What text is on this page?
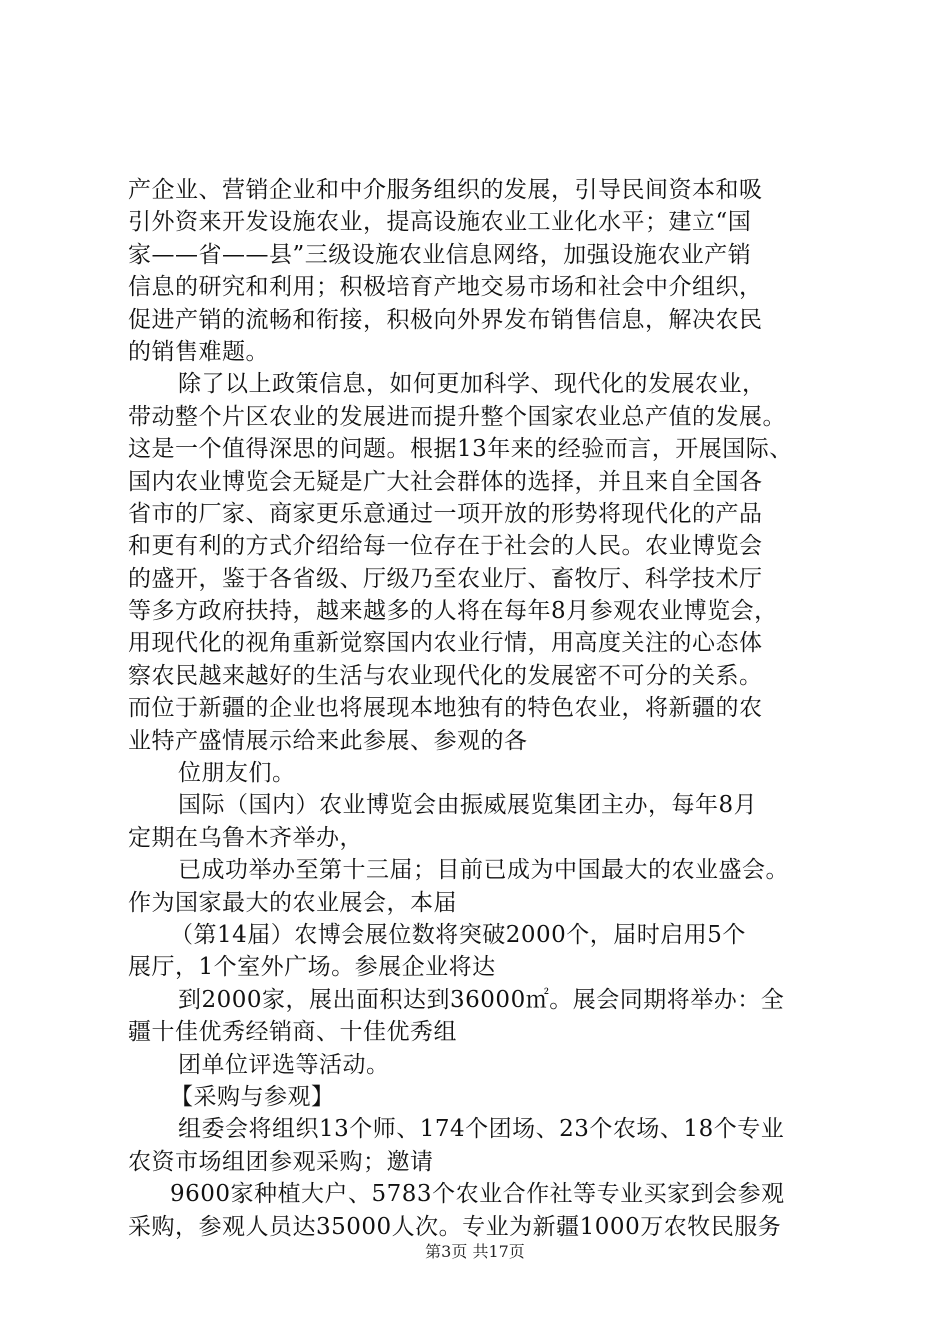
产企业、营销企业和中介服务组织的发展，引导民间资本和吸
引外资来开发设施农业，提高设施农业工业化水平；建立“国
家——省——县”三级设施农业信息网络，加强设施农业产销
信息的研究和利用；积极培育产地交易市场和社会中介组织，
促进产销的流畅和衔接，积极向外界发布销售信息，解决农民
的销售难题。
除了以上政策信息，如何更加科学、现代化的发展农业，
带动整个片区农业的发展进而提升整个国家农业总产值的发展。
这是一个值得深思的问题。根据13年来的经验而言，开展国际、
国内农业博览会无疑是广大社会群体的选择，并且来自全国各
省市的厂家、商家更乐意通过一项开放的形势将现代化的产品
和更有利的方式介绍给每一位存在于社会的人民。农业博览会
的盛开，鉴于各省级、厅级乃至农业厅、畜牧厅、科学技术厅
等多方政府扶持，越来越多的人将在每年8月参观农业博览会，
用现代化的视角重新觉察国内农业行情，用高度关注的心态体
察农民越来越好的生活与农业现代化的发展密不可分的关系。
而位于新疆的企业也将展现本地独有的特色农业，将新疆的农
业特产盛情展示给来此参展、参观的各
位朋友们。
国际（国内）农业博览会由振威展览集团主办，每年8月
定期在乌鲁木齐举办，
已成功举办至第十三届；目前已成为中国最大的农业盛会。
作为国家最大的农业展会，本届
（第14届）农博会展位数将突破2000个，届时启用5个
展厅，1个室外广场。参展企业将达
到2000家，展出面积达到36000㎡。展会同期将举办：全
疆十佳优秀经销商、十佳优秀组
团单位评选等活动。
【采购与参观】
组委会将组织13个师、174个团场、23个农场、18个专业
农资市场组团参观采购；邀请
9600家种植大户、5783个农业合作社等专业买家到会参观
采购，参观人员达35000人次。专业为新疆1000万农牧民服务
第3页 共17页
